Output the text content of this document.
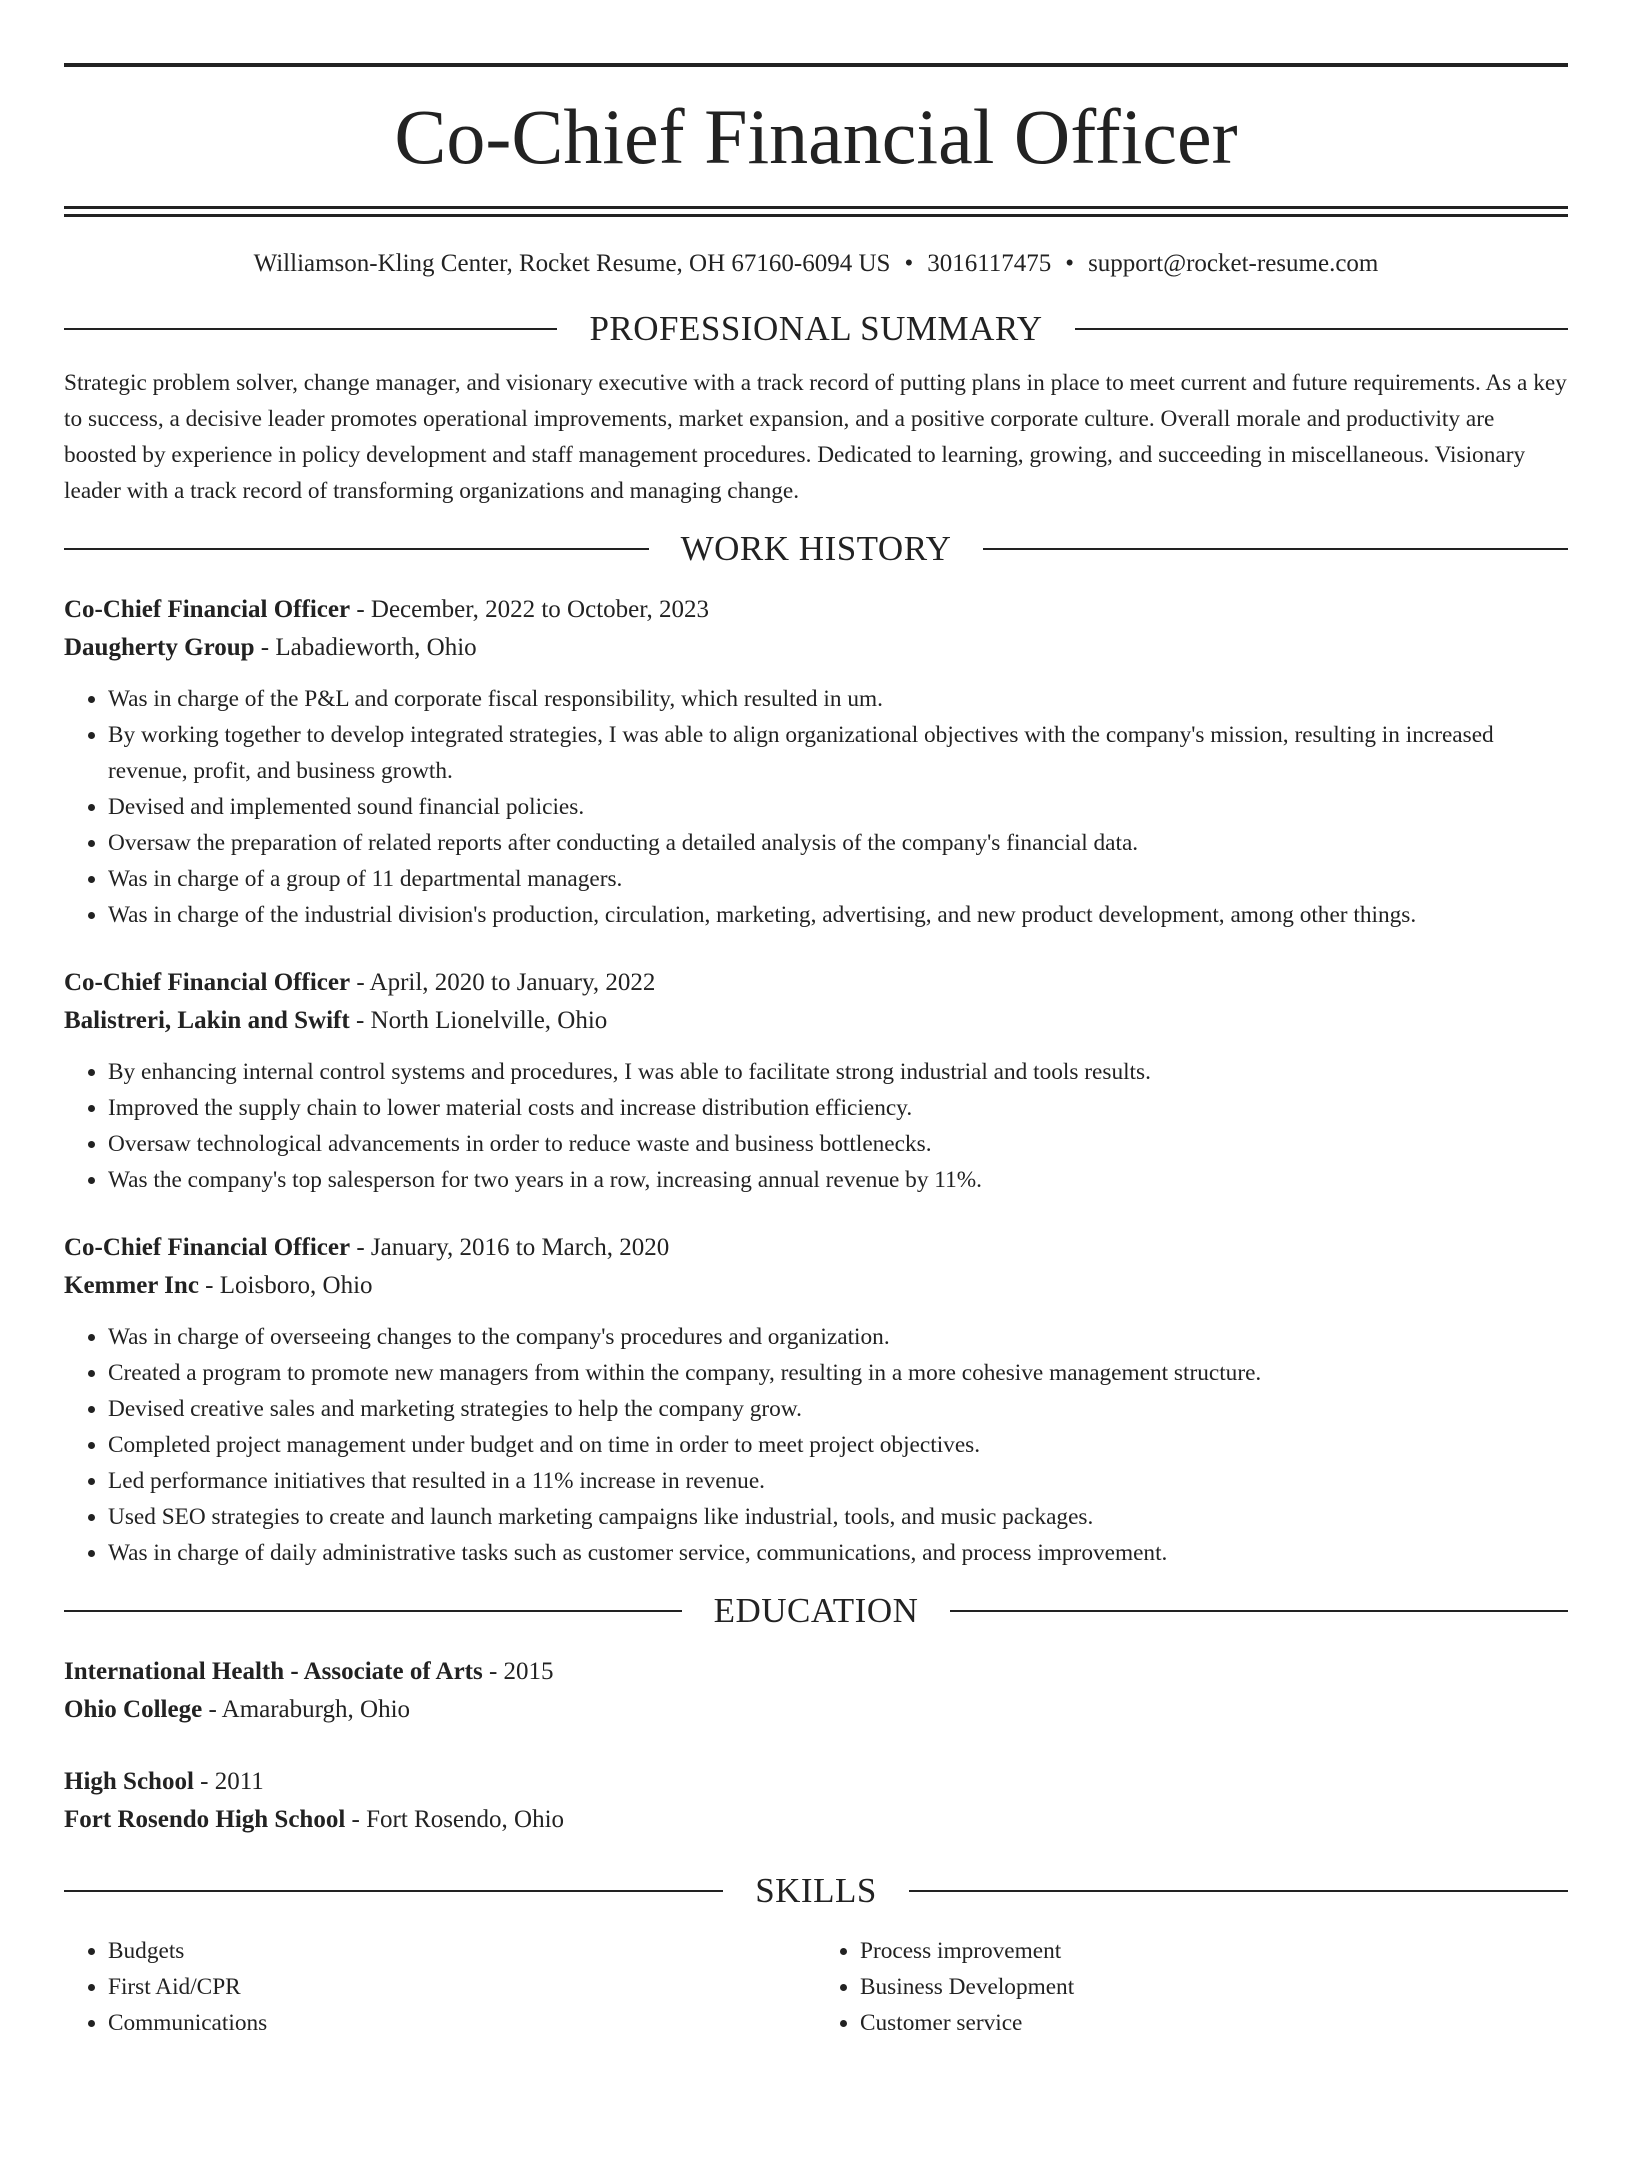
Co-Chief Financial Officer
Williamson-Kling Center, Rocket Resume, OH 67160-6094 US • 3016117475 • support@rocket-resume.com
PROFESSIONAL SUMMARY

Strategic problem solver, change manager, and visionary executive with a track record of putting plans in place to meet current and future requirements. As a key to success, a decisive leader promotes operational improvements, market expansion, and a positive corporate culture. Overall morale and productivity are boosted by experience in policy development and staff management procedures. Dedicated to learning, growing, and succeeding in miscellaneous. Visionary leader with a track record of transforming organizations and managing change.

WORK HISTORY
Co-Chief Financial Officer - December, 2022 to October, 2023
Daugherty Group - Labadieworth, Ohio
• Was in charge of the P&L and corporate fiscal responsibility, which resulted in um.
• By working together to develop integrated strategies, I was able to align organizational objectives with the company's mission, resulting in increased revenue, profit, and business growth.
• Devised and implemented sound financial policies.
• Oversaw the preparation of related reports after conducting a detailed analysis of the company's financial data.
• Was in charge of a group of 11 departmental managers.
• Was in charge of the industrial division's production, circulation, marketing, advertising, and new product development, among other things.
Co-Chief Financial Officer - April, 2020 to January, 2022
Balistreri, Lakin and Swift - North Lionelville, Ohio
• By enhancing internal control systems and procedures, I was able to facilitate strong industrial and tools results.
• Improved the supply chain to lower material costs and increase distribution efficiency.
• Oversaw technological advancements in order to reduce waste and business bottlenecks.
• Was the company's top salesperson for two years in a row, increasing annual revenue by 11%.
Co-Chief Financial Officer - January, 2016 to March, 2020
Kemmer Inc - Loisboro, Ohio
• Was in charge of overseeing changes to the company's procedures and organization.
• Created a program to promote new managers from within the company, resulting in a more cohesive management structure.
• Devised creative sales and marketing strategies to help the company grow.
• Completed project management under budget and on time in order to meet project objectives.
• Led performance initiatives that resulted in a 11% increase in revenue.
• Used SEO strategies to create and launch marketing campaigns like industrial, tools, and music packages.
• Was in charge of daily administrative tasks such as customer service, communications, and process improvement.
EDUCATION
International Health - Associate of Arts - 2015
Ohio College - Amaraburgh, Ohio
High School - 2011
Fort Rosendo High School - Fort Rosendo, Ohio
SKILLS
• Budgets
• First Aid/CPR
• Communications
• Process improvement
• Business Development
• Customer service
